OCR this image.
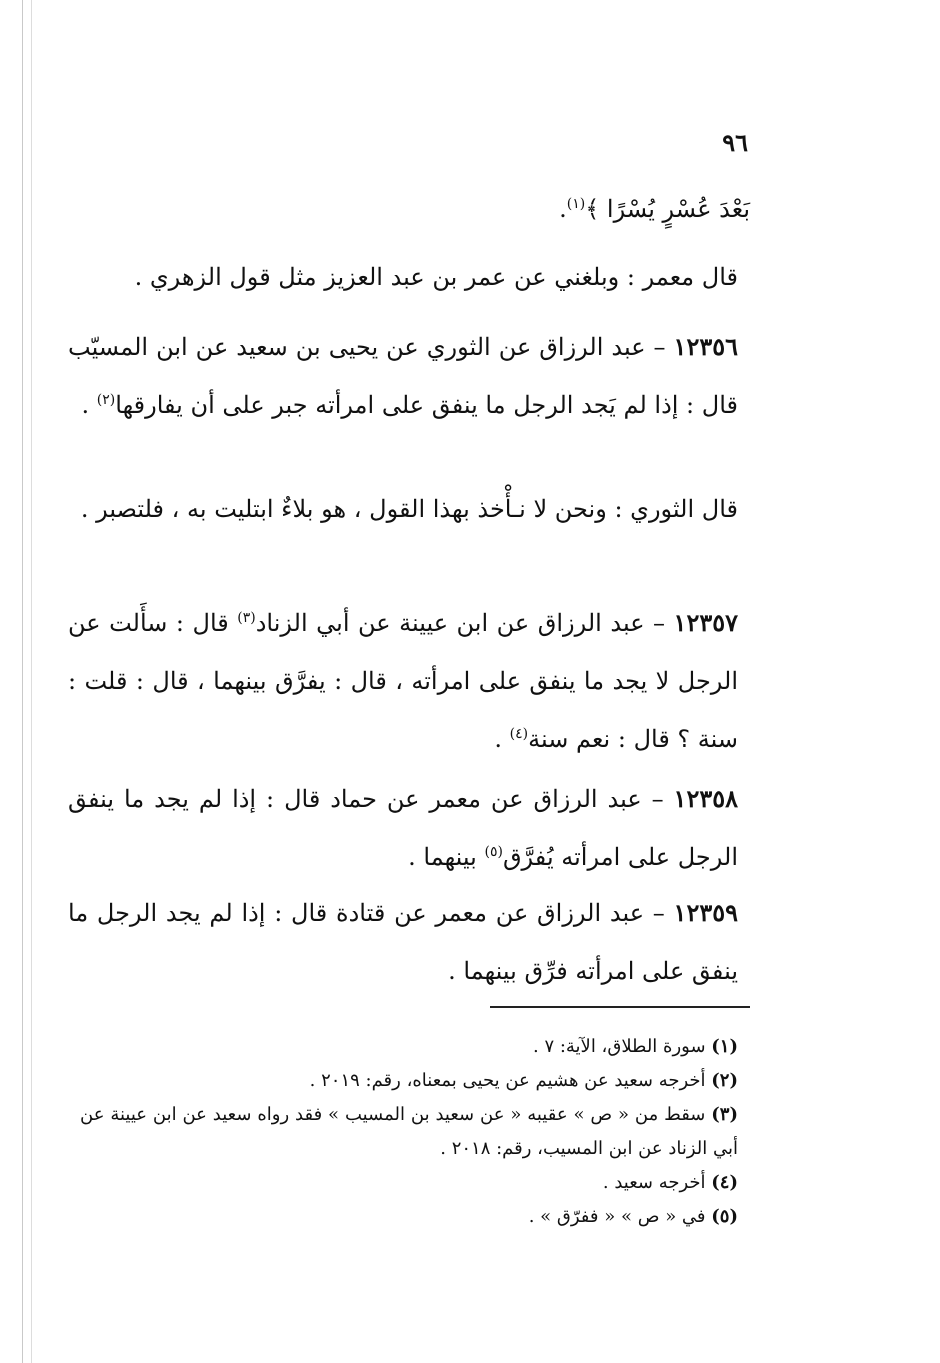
٩٦
بَعْدَ عُسْرٍ يُسْرًا ﴾$^{(١)}$.
قال معمر : وبلغني عن عمر بن عبد العزيز مثل قول الزهري .
١٢٣٥٦ – عبد الرزاق عن الثوري عن يحيى بن سعيد عن ابن المسيّب قال : إذا لم يَجد الرجل ما ينفق على امرأته جبر على أن يفارقها$^{(٢)}$ .
قال الثوري : ونحن لا نـأْخذ بهذا القول ، هو بلاءٌ ابتليت به ، فلتصبر .
١٢٣٥٧ – عبد الرزاق عن ابن عيينة عن أبي الزناد$^{(٣)}$ قال : سأَلت عن الرجل لا يجد ما ينفق على امرأته ، قال : يفرَّق بينهما ، قال : قلت : سنة ؟ قال : نعم سنة$^{(٤)}$ .
١٢٣٥٨ – عبد الرزاق عن معمر عن حماد قال : إذا لم يجد ما ينفق الرجل على امرأته يُفرَّق$^{(٥)}$ بينهما .
١٢٣٥٩ – عبد الرزاق عن معمر عن قتادة قال : إذا لم يجد الرجل ما ينفق على امرأته فرِّق بينهما .

(١) سورة الطلاق، الآية: ٧ .

(٢) أخرجه سعيد عن هشيم عن يحيى بمعناه، رقم: ٢٠١٩ .

(٣) سقط من « ص » عقيبه « عن سعيد بن المسيب » فقد رواه سعيد عن ابن عيينة عن أبي الزناد عن ابن المسيب، رقم: ٢٠١٨ .

(٤) أخرجه سعيد .

(٥) في « ص » « ففرّق » .
